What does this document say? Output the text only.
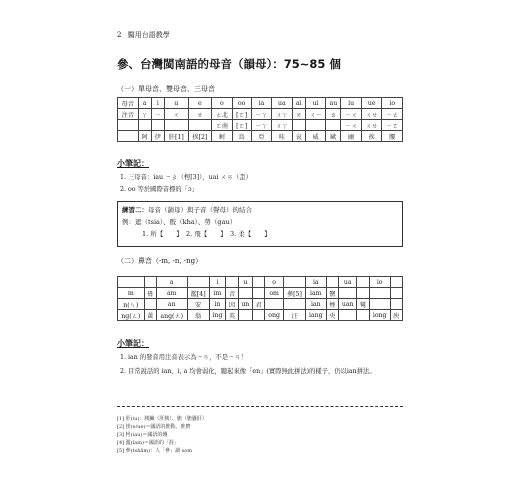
2 醫用台語教學
參、台灣閩南語的母音（韻母）：75~85 個
（一）單母音、雙母音、三母音
母音	a	i	u	e	o	oo	ia	ua	ai	ui	au	iu	ue	io
注音	ㄚ	ㄧ	ㄨ	ㄝ	ㄜ北	[ㄛ]	ㄧㄚ	ㄨㄚ	ㄞ	ㄨㄧ	ㄠ	ㄧㄨ	ㄨㄝ	ㄧㄜ
					ㄛ南	[ㄛ]	ㄧㄚ	ㄨㄚ				ㄧㄨ	ㄨㄝ	ㄧㄛ
	阿	伊	肝[1]	挨[2]	蚵	烏	亞	哇	哀	威	歐	幽	挨	腰
小筆記：
1. 三母音：iau ㄧㄠ（枵[3]），uai ㄨㄞ（歪）
2. oo 等於國際音標的「ɔ」
練習二：母音（韻母）與子音（聲母）的結合
例：遮（tsia）、骹（kha）、勞（gau）
1. 所【　　】　2. 飛【　　】　3. 柔【　　】
（二）鼻音（-m, -n, -ng）
		a		i		u		o		ia		ua		io	
m	毋	am	濫[4]	im	音			om	參[5]	iam	鹽				
n(ㄣ)		an	安	in	因	un	君			ian	煙	uan	彎		
ng(ㄥ)	黃	ang(ㄤ)	翁	ing	英			ong	汪	iang	央			iong	泱
小筆記：
1. ian 的發音用注音表示為ㄧㄢ，不是ㄧㄢ！
2. 目常說話的 ian、i, a 均會弱化，聽起來像「en」(實際無此拼法)的樣子，仍以ian拼法。
[1] 肝(iu)：胰臟（肝胰）、膽（膽囊肝）
[2] 挨(e/ue)＝國語的推動、推擠
[3] 枵(iau)＝國語的餓
[4] 濫(lam)＝國語的「混」
[5] 參(tshām)：人「參」讀 som
